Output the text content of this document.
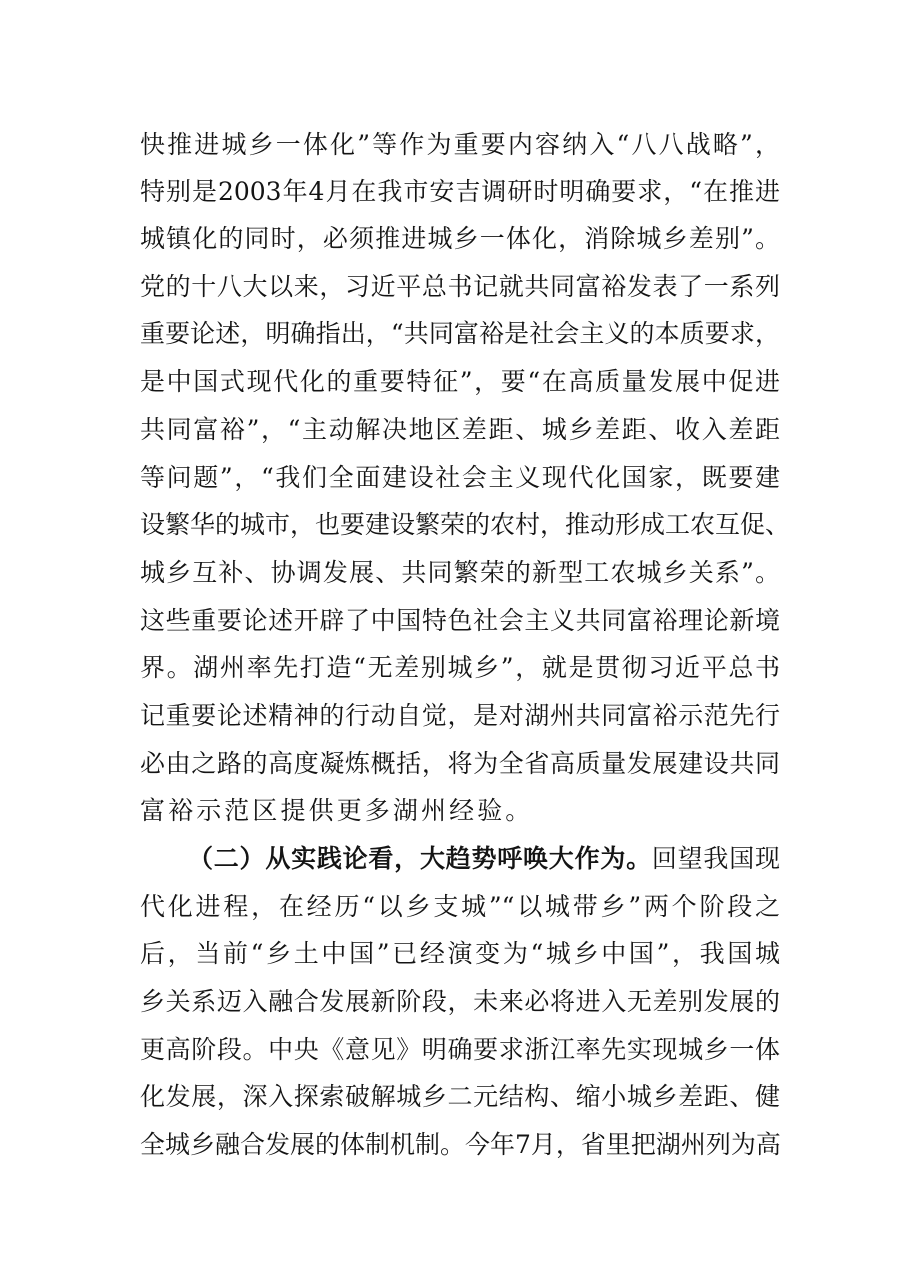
快推进城乡一体化”等作为重要内容纳入“八八战略”，
特别是2003年4月在我市安吉调研时明确要求，“在推进
城镇化的同时，必须推进城乡一体化，消除城乡差别”。
党的十八大以来，习近平总书记就共同富裕发表了一系列
重要论述，明确指出，“共同富裕是社会主义的本质要求，
是中国式现代化的重要特征”，要“在高质量发展中促进
共同富裕”，“主动解决地区差距、城乡差距、收入差距
等问题”，“我们全面建设社会主义现代化国家，既要建
设繁华的城市，也要建设繁荣的农村，推动形成工农互促、
城乡互补、协调发展、共同繁荣的新型工农城乡关系”。
这些重要论述开辟了中国特色社会主义共同富裕理论新境
界。湖州率先打造“无差别城乡”，就是贯彻习近平总书
记重要论述精神的行动自觉，是对湖州共同富裕示范先行
必由之路的高度凝炼概括，将为全省高质量发展建设共同
富裕示范区提供更多湖州经验。
（二）从实践论看，大趋势呼唤大作为。回望我国现
代化进程，在经历“以乡支城”“以城带乡”两个阶段之
后，当前“乡土中国”已经演变为“城乡中国”，我国城
乡关系迈入融合发展新阶段，未来必将进入无差别发展的
更高阶段。中央《意见》明确要求浙江率先实现城乡一体
化发展，深入探索破解城乡二元结构、缩小城乡差距、健
全城乡融合发展的体制机制。今年7月，省里把湖州列为高
